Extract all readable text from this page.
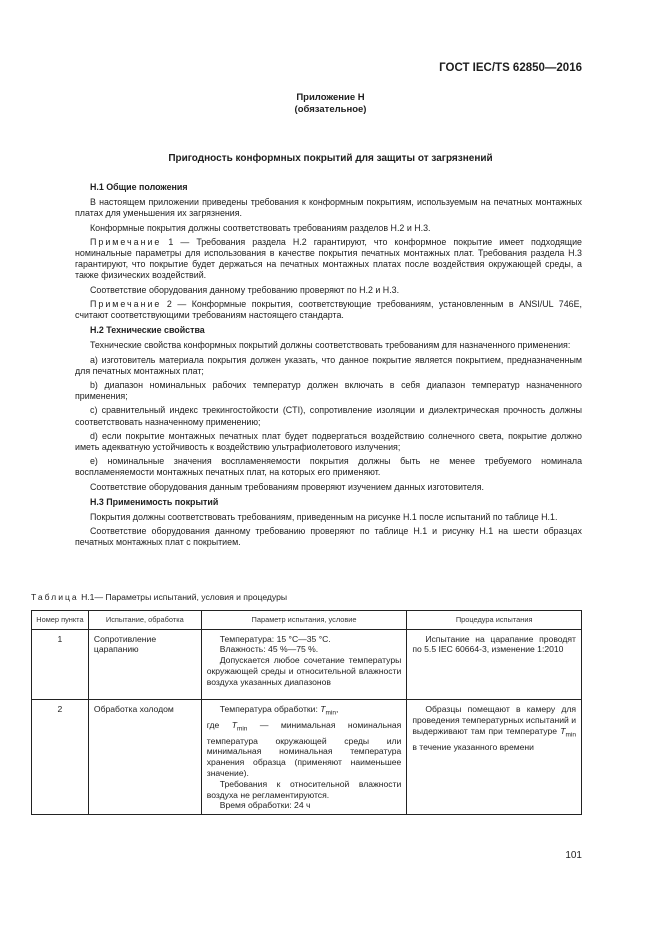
ГОСТ IEC/TS 62850—2016
Приложение Н
(обязательное)
Пригодность конформных покрытий для защиты от загрязнений
Н.1 Общие положения

В настоящем приложении приведены требования к конформным покрытиям, используемым на печатных монтажных платах для уменьшения их загрязнения.

Конформные покрытия должны соответствовать требованиям разделов Н.2 и Н.3.

Примечание 1 — Требования раздела Н.2 гарантируют, что конформное покрытие имеет подходящие номинальные параметры для использования в качестве покрытия печатных монтажных плат. Требования раздела Н.3 гарантируют, что покрытие будет держаться на печатных монтажных платах после воздействия окружающей среды, а также физических воздействий.

Соответствие оборудования данному требованию проверяют по Н.2 и Н.3.

Примечание 2 — Конформные покрытия, соответствующие требованиям, установленным в ANSI/UL 746E, считают соответствующими требованиям настоящего стандарта.

Н.2 Технические свойства

Технические свойства конформных покрытий должны соответствовать требованиям для назначенного применения:

а) изготовитель материала покрытия должен указать, что данное покрытие является покрытием, предназначенным для печатных монтажных плат;

b) диапазон номинальных рабочих температур должен включать в себя диапазон температур назначенного применения;

с) сравнительный индекс трекингостойкости (CTI), сопротивление изоляции и диэлектрическая прочность должны соответствовать назначенному применению;

d) если покрытие монтажных печатных плат будет подвергаться воздействию солнечного света, покрытие должно иметь адекватную устойчивость к воздействию ультрафиолетового излучения;

е) номинальные значения воспламеняемости покрытия должны быть не менее требуемого номинала воспламеняемости монтажных печатных плат, на которых его применяют.

Соответствие оборудования данным требованиям проверяют изучением данных изготовителя.

Н.3 Применимость покрытий

Покрытия должны соответствовать требованиям, приведенным на рисунке Н.1 после испытаний по таблице Н.1.

Соответствие оборудования данному требованию проверяют по таблице Н.1 и рисунку Н.1 на шести образцах печатных монтажных плат с покрытием.

Таблица Н.1— Параметры испытаний, условия и процедуры
Номер пункта	Испытание, обработка	Параметр испытания, условие	Процедура испытания
1	Сопротивление царапанию	Температура: 15 °С—35 °С.
Влажность: 45 %—75 %.
Допускается любое сочетание температуры окружающей среды и относительной влажности воздуха указанных диапазонов	Испытание на царапание проводят по 5.5 IEC 60664-3, изменение 1:2010

2	Обработка холодом	Температура обработки: $T_{min}$,
где $T_{min}$ — минимальная номинальная температура окружающей среды или минимальная номинальная температура хранения образца (применяют наименьшее значение).
Требования к относительной влажности воздуха не регламентируются.
Время обработки: 24 ч	Образцы помещают в камеру для проведения температурных испытаний и выдерживают там при температуре $T_{min}$ в течение указанного времени
101
